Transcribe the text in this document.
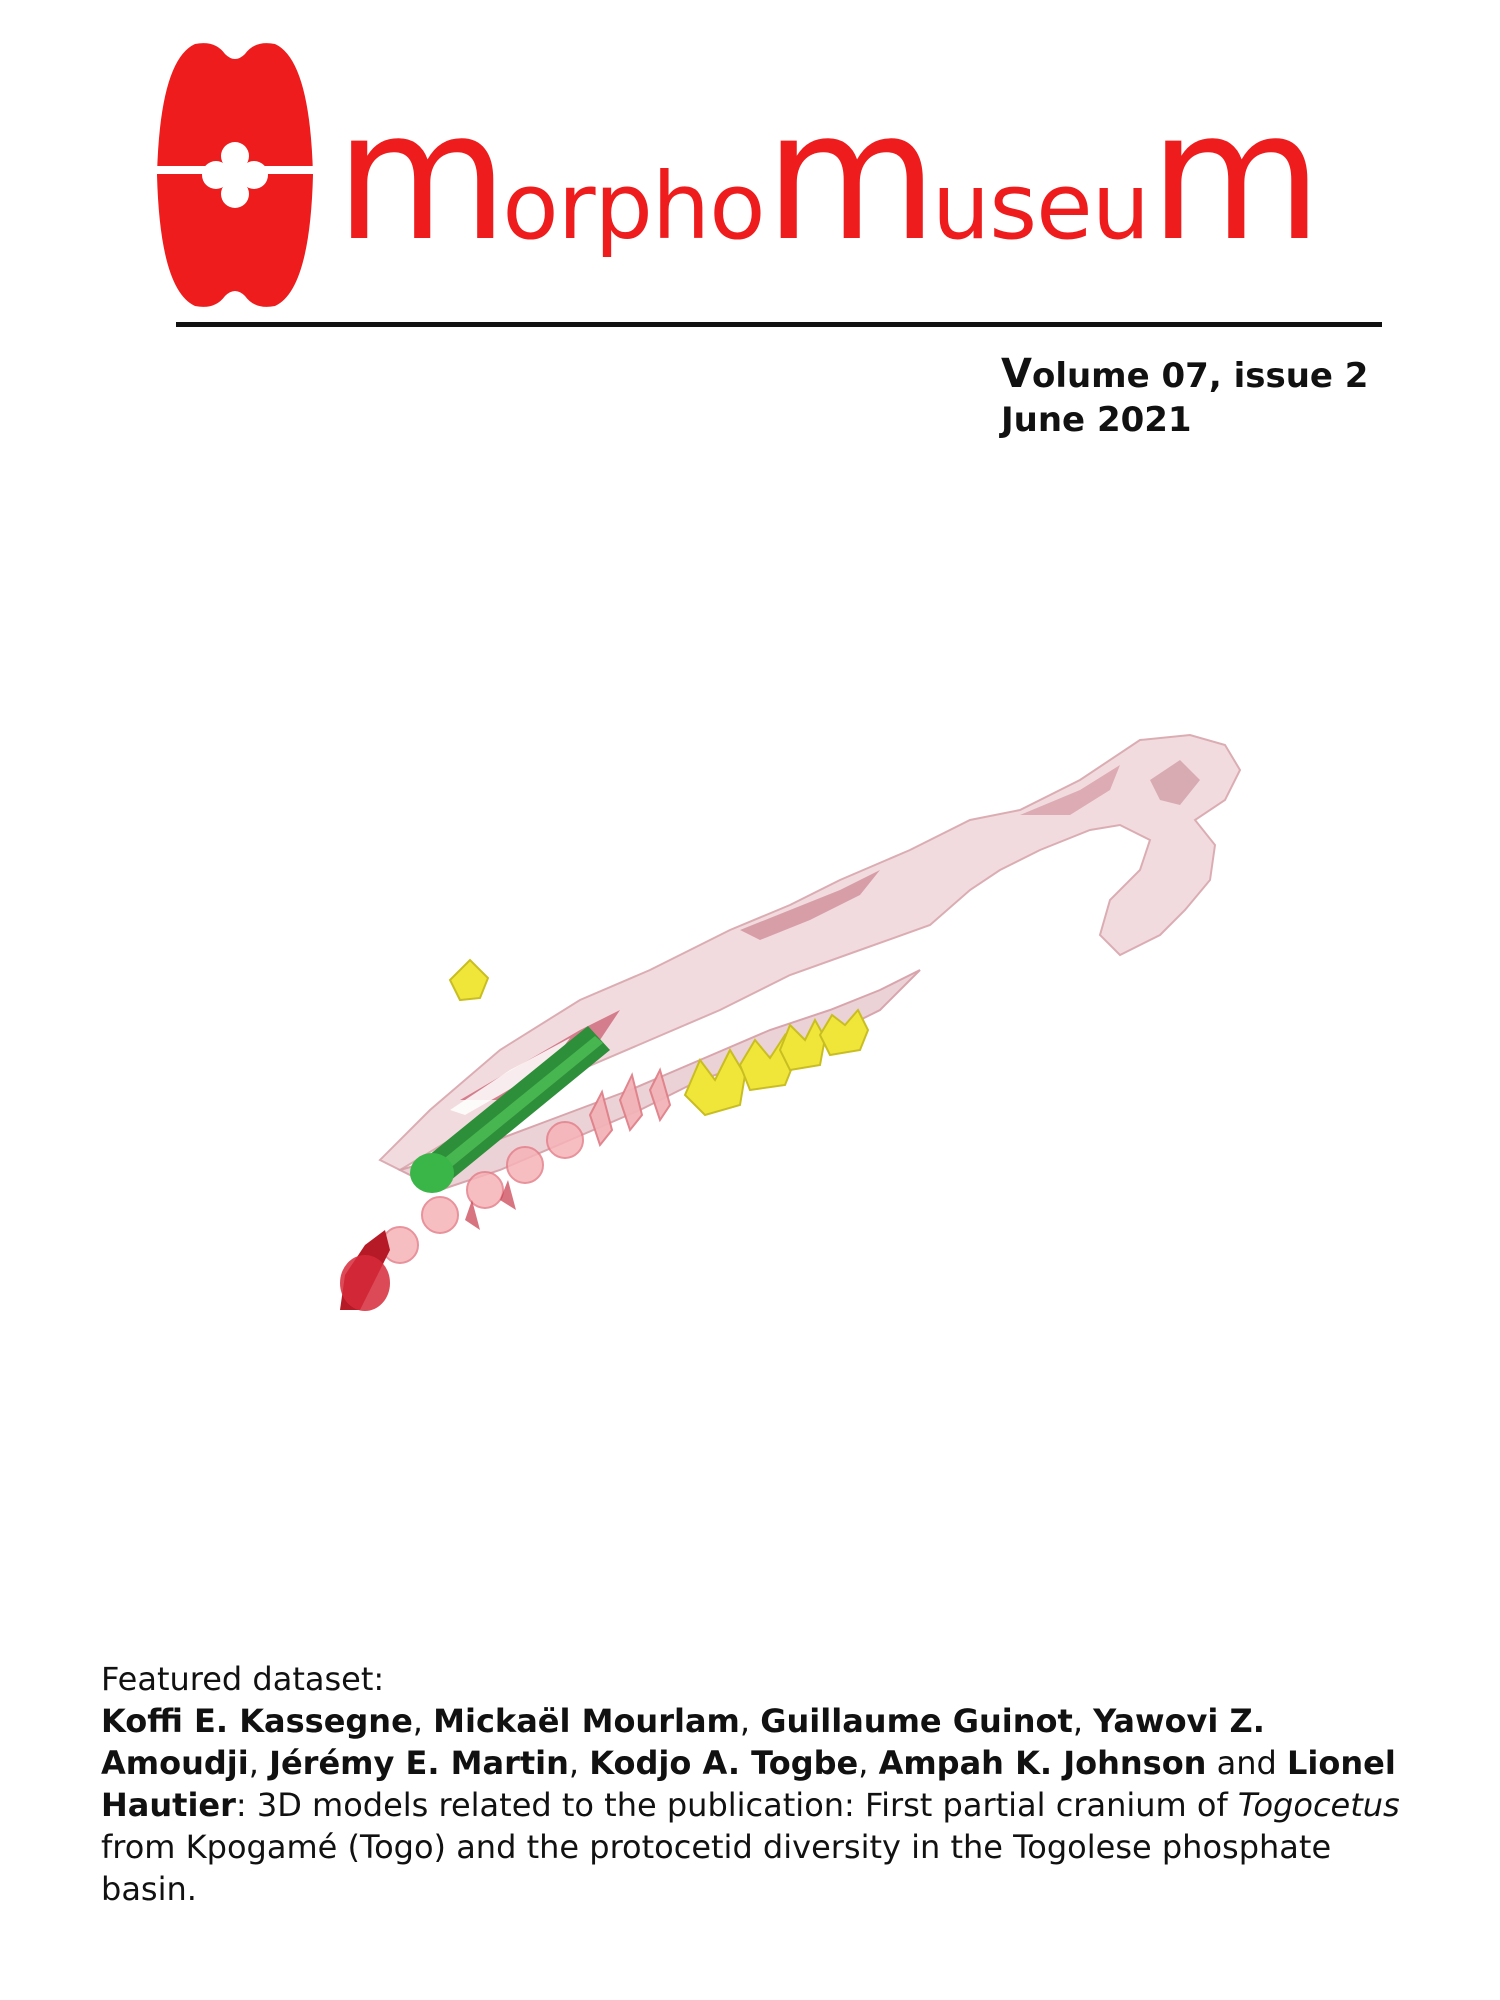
morphomuseum
Volume 07, issue 2
June 2021
Featured dataset:
Koffi E. Kassegne, Mickaël Mourlam, Guillaume Guinot, Yawovi Z. Amoudji, Jérémy E. Martin, Kodjo A. Togbe, Ampah K. Johnson and Lionel Hautier: 3D models related to the publication: First partial cranium of Togocetus from Kpogamé (Togo) and the protocetid diversity in the Togolese phosphate basin.
